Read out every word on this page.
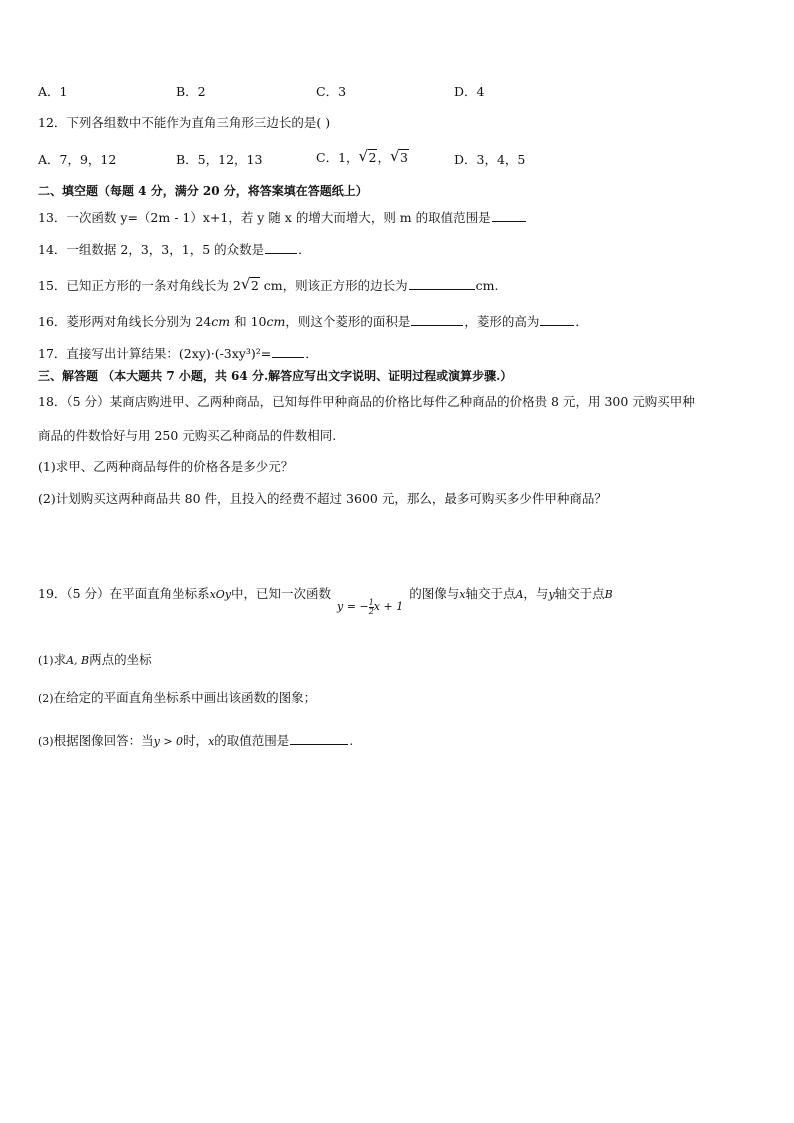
A．1	B．2	C．3	D．4
12．下列各组数中不能作为直角三角形三边长的是( )
A．7，9，12	B．5，12，13	C．1， √ 2， √ 3	D．3，4，5
二、填空题（每题 4 分，满分 20 分，将答案填在答题纸上）
13．一次函数 y=（2m - 1）x+1，若 y 随 x 的增大而增大，则 m 的取值范围是
14．一组数据 2，3，3，1，5 的众数是	．
15．已知正方形的一条对角线长为 2 √ 2 cm，则该正方形的边长为	cm.
16．菱形两对角线长分别为 24cm 和 10cm，则这个菱形的面积是	，菱形的高为	．
17．直接写出计算结果：(2xy)·(-3xy³)²=	．
三、解答题 （本大题共 7 小题，共 64 分.解答应写出文字说明、证明过程或演算步骤.）
18．（5 分）某商店购进甲、乙两种商品，已知每件甲种商品的价格比每件乙种商品的价格贵 8 元，用 300 元购买甲种
商品的件数恰好与用 250 元购买乙种商品的件数相同.
(1)求甲、乙两种商品每件的价格各是多少元？
(2)计划购买这两种商品共 80 件，且投入的经费不超过 3600 元，那么，最多可购买多少件甲种商品？
19．（5 分）在平面直角坐标系xOy中，已知一次函数y = − $\frac{1}{2}$ x + 1的图像与x轴交于点A，与y轴交于点B
(1)求A, B两点的坐标
(2)在给定的平面直角坐标系中画出该函数的图象；
(3)根据图像回答：当y > 0时，x的取值范围是	.
